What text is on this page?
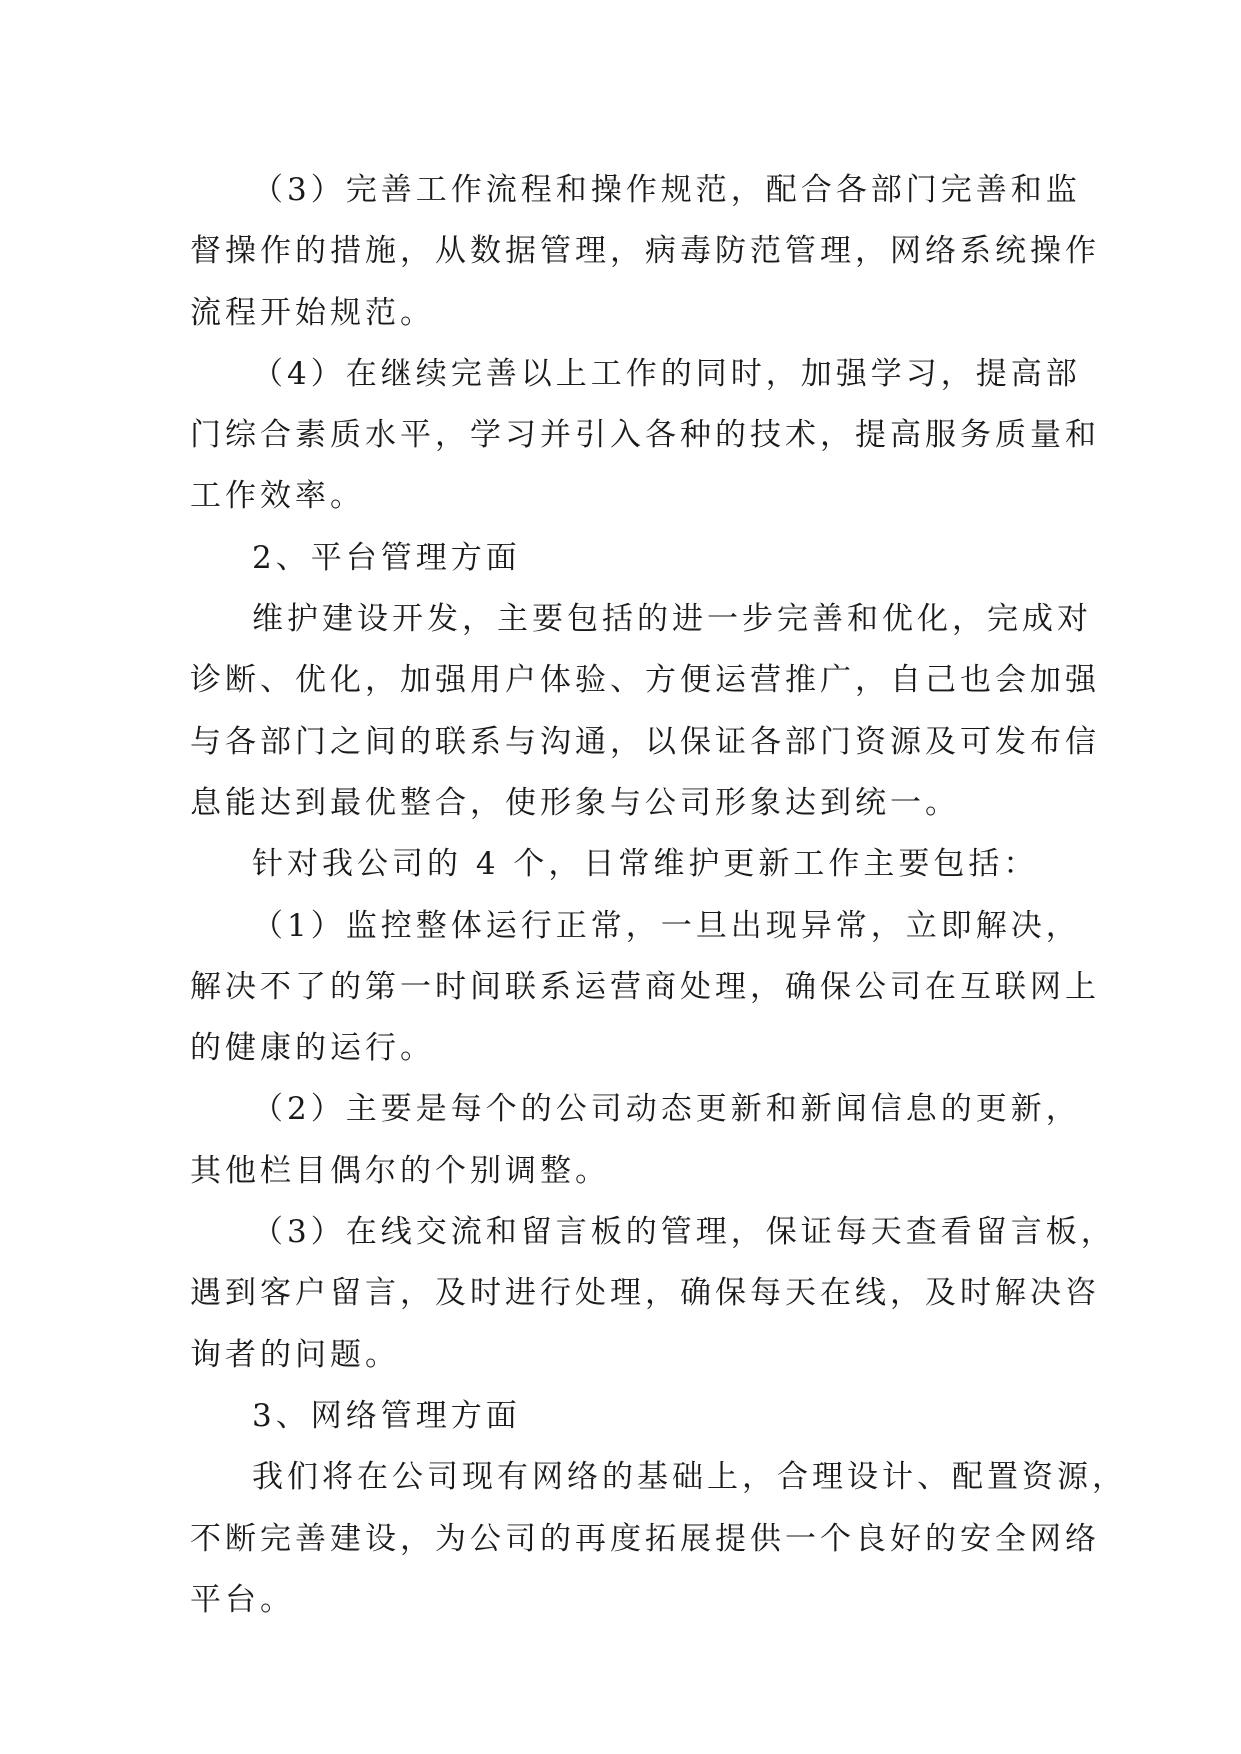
（3）完善工作流程和操作规范，配合各部门完善和监
督操作的措施，从数据管理，病毒防范管理，网络系统操作
流程开始规范。
（4）在继续完善以上工作的同时，加强学习，提高部
门综合素质水平，学习并引入各种的技术，提高服务质量和
工作效率。
2、平台管理方面
维护建设开发，主要包括的进一步完善和优化，完成对
诊断、优化，加强用户体验、方便运营推广，自己也会加强
与各部门之间的联系与沟通，以保证各部门资源及可发布信
息能达到最优整合，使形象与公司形象达到统一。
针对我公司的 4 个，日常维护更新工作主要包括：
（1）监控整体运行正常，一旦出现异常，立即解决，
解决不了的第一时间联系运营商处理，确保公司在互联网上
的健康的运行。
（2）主要是每个的公司动态更新和新闻信息的更新，
其他栏目偶尔的个别调整。
（3）在线交流和留言板的管理，保证每天查看留言板，
遇到客户留言，及时进行处理，确保每天在线，及时解决咨
询者的问题。
3、网络管理方面
我们将在公司现有网络的基础上，合理设计、配置资源，
不断完善建设，为公司的再度拓展提供一个良好的安全网络
平台。
